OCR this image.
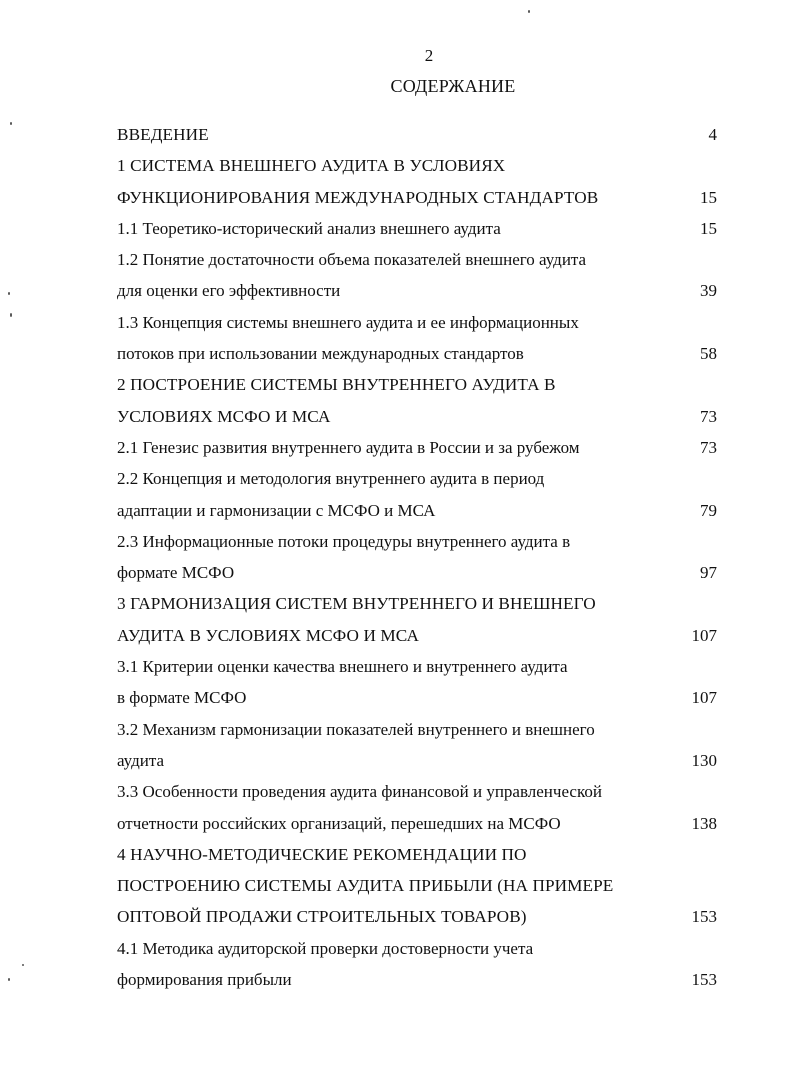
2
СОДЕРЖАНИЕ
ВВЕДЕНИЕ	4
1 СИСТЕМА ВНЕШНЕГО АУДИТА В УСЛОВИЯХ
ФУНКЦИОНИРОВАНИЯ МЕЖДУНАРОДНЫХ СТАНДАРТОВ	15
1.1 Теоретико-исторический анализ внешнего аудита	15
1.2 Понятие достаточности объема показателей внешнего аудита
для оценки его эффективности	39
1.3 Концепция системы внешнего аудита и ее информационных
потоков при использовании международных стандартов	58
2 ПОСТРОЕНИЕ СИСТЕМЫ ВНУТРЕННЕГО АУДИТА В
УСЛОВИЯХ МСФО И МСА	73
2.1 Генезис развития внутреннего аудита в России и за рубежом	73
2.2 Концепция и методология внутреннего аудита в период
адаптации и гармонизации с МСФО и МСА	79
2.3 Информационные потоки процедуры внутреннего аудита в
формате МСФО	97
3 ГАРМОНИЗАЦИЯ СИСТЕМ ВНУТРЕННЕГО И ВНЕШНЕГО
АУДИТА В УСЛОВИЯХ МСФО И МСА	107
3.1 Критерии оценки качества внешнего и внутреннего аудита
в формате МСФО	107
3.2 Механизм гармонизации показателей внутреннего и внешнего
аудита	130
3.3 Особенности проведения аудита финансовой и управленческой
отчетности российских организаций, перешедших на МСФО	138
4 НАУЧНО-МЕТОДИЧЕСКИЕ РЕКОМЕНДАЦИИ ПО
ПОСТРОЕНИЮ СИСТЕМЫ АУДИТА ПРИБЫЛИ (НА ПРИМЕРЕ
ОПТОВОЙ ПРОДАЖИ СТРОИТЕЛЬНЫХ ТОВАРОВ)	153
4.1 Методика аудиторской проверки достоверности учета
формирования прибыли	153
